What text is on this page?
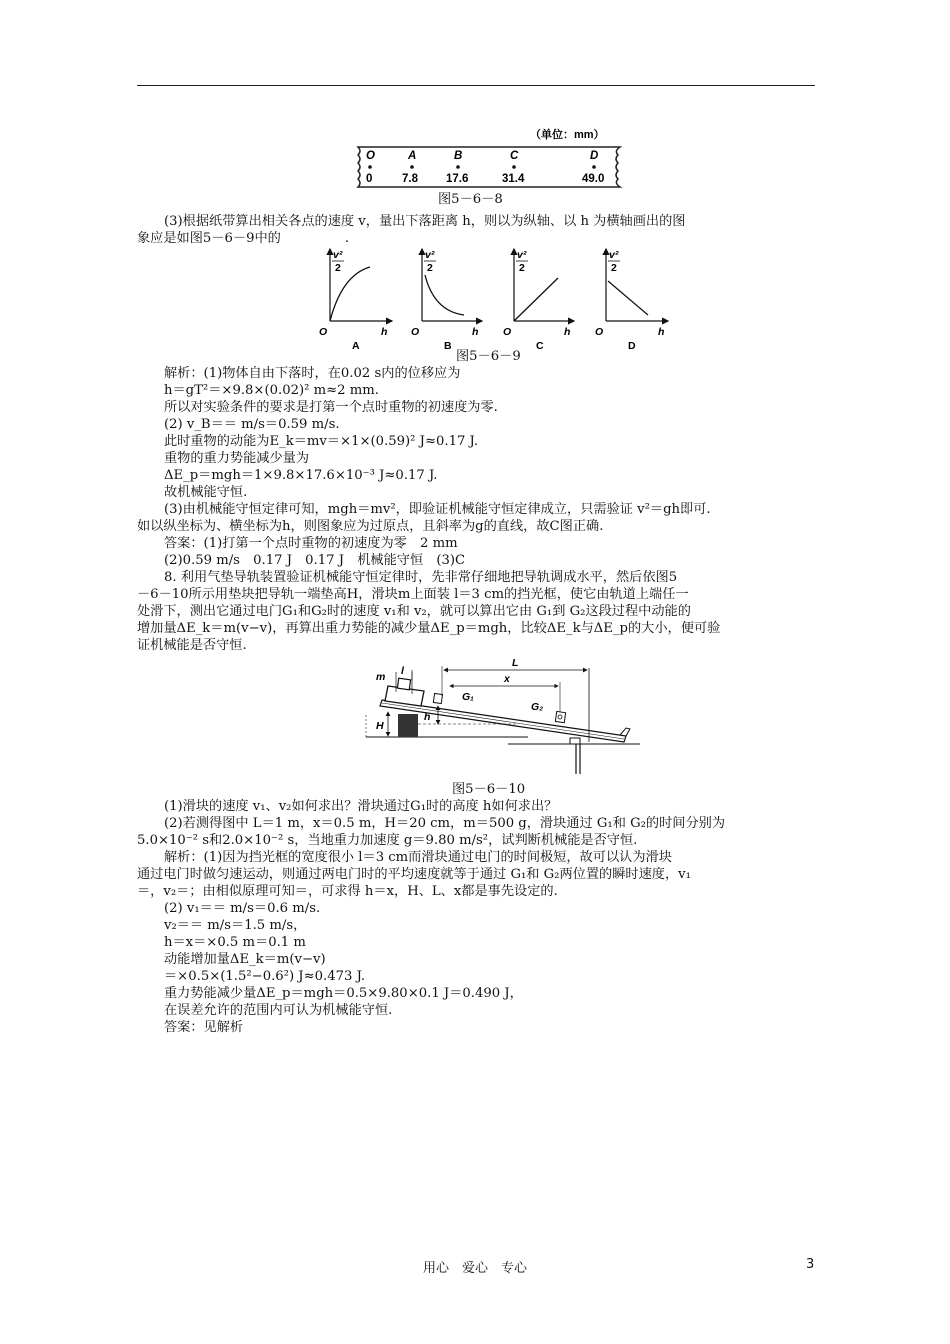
（单位：mm）
O	A	B	C	D
0	7.8 17.6	31.4	49.0
图5－6－8
(3)根据纸带算出相关各点的速度 v，量出下落距离 h，则以为纵轴、以 h 为横轴画出的图
象应是如图5－6－9中的	.
v²
2
O	h
A
v²
2
O	h
B
v²
2
O	h
C
v²
2
O	h
D
图5－6－9
解析：(1)物体自由下落时，在0.02 s内的位移应为
h＝gT²＝×9.8×(0.02)² m≈2 mm.
所以对实验条件的要求是打第一个点时重物的初速度为零.
(2) v_B＝＝ m/s＝0.59 m/s.
此时重物的动能为E_k＝mv＝×1×(0.59)² J≈0.17 J.
重物的重力势能减少量为
ΔE_p＝mgh＝1×9.8×17.6×10⁻³ J≈0.17 J.
故机械能守恒.
(3)由机械能守恒定律可知，mgh＝mv²，即验证机械能守恒定律成立，只需验证 v²＝gh即可.
如以纵坐标为、横坐标为h，则图象应为过原点，且斜率为g的直线，故C图正确.
答案：(1)打第一个点时重物的初速度为零　2 mm
(2)0.59 m/s　0.17 J　0.17 J　机械能守恒　(3)C
8. 利用气垫导轨装置验证机械能守恒定律时，先非常仔细地把导轨调成水平，然后依图5
－6－10所示用垫块把导轨一端垫高H，滑块m上面装 l＝3 cm的挡光框，使它由轨道上端任一
处滑下，测出它通过电门G₁和G₂时的速度 v₁和 v₂，就可以算出它由 G₁到 G₂这段过程中动能的
增加量ΔE_k＝m(v−v)，再算出重力势能的减少量ΔE_p＝mgh，比较ΔE_k与ΔE_p的大小，便可验
证机械能是否守恒.
m l
L
G₁
x
G₂
H
h
图5－6－10
(1)滑块的速度 v₁、v₂如何求出？滑块通过G₁时的高度 h如何求出？
(2)若测得图中 L＝1 m，x＝0.5 m，H＝20 cm，m＝500 g，滑块通过 G₁和 G₂的时间分别为
5.0×10⁻² s和2.0×10⁻² s，当地重力加速度 g＝9.80 m/s²，试判断机械能是否守恒.
解析：(1)因为挡光框的宽度很小 l＝3 cm而滑块通过电门的时间极短，故可以认为滑块
通过电门时做匀速运动，则通过两电门时的平均速度就等于通过 G₁和 G₂两位置的瞬时速度，v₁
＝，v₂＝；由相似原理可知＝，可求得 h＝x，H、L、x都是事先设定的.
(2) v₁＝＝ m/s＝0.6 m/s.
v₂＝＝ m/s＝1.5 m/s，
h＝x＝×0.5 m＝0.1 m
动能增加量ΔE_k＝m(v−v)
＝×0.5×(1.5²−0.6²) J≈0.473 J.
重力势能减少量ΔE_p＝mgh＝0.5×9.80×0.1 J＝0.490 J，
在误差允许的范围内可认为机械能守恒.
答案：见解析
用心　爱心　专心	3
